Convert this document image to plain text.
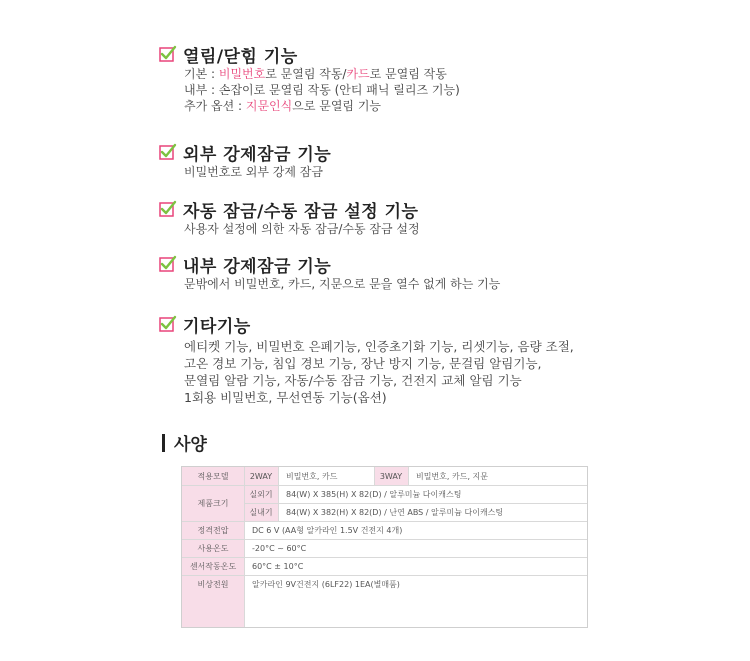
열림/닫힘 기능
기본 : 비밀번호로 문열림 작동/카드로 문열림 작동
내부 : 손잡이로 문열림 작동 (안티 패닉 릴리즈 기능)
추가 옵션 : 지문인식으로 문열림 기능
외부 강제잠금 기능
비밀번호로 외부 강제 잠금
자동 잠금/수동 잠금 설정 기능
사용자 설정에 의한 자동 잠금/수동 잠금 설정
내부 강제잠금 기능
문밖에서 비밀번호, 카드, 지문으로 문을 열수 없게 하는 기능
기타기능
에티켓 기능, 비밀번호 은폐기능, 인증초기화 기능, 리셋기능, 음량 조절,
고온 경보 기능, 침입 경보 기능, 장난 방지 기능, 문걸림 알림기능,
문열림 알람 기능, 자동/수동 잠금 기능, 건전지 교체 알림 기능
1회용 비밀번호, 무선연동 기능(옵션)
사양
적용모델	2WAY	비밀번호, 카드	3WAY	비밀번호, 카드, 지문
제품크기
실외기	84(W) X 385(H) X 82(D) / 알루미늄 다이캐스팅
실내기	84(W) X 382(H) X 82(D) / 난연 ABS / 알루미늄 다이캐스팅
정격전압	DC 6 V (AA형 알카라인 1.5V 건전지 4개)
사용온도	-20°C ~ 60°C
센서작동온도	60°C ± 10°C
비상전원	알카라인 9V건전지 (6LF22) 1EA(별매품)
